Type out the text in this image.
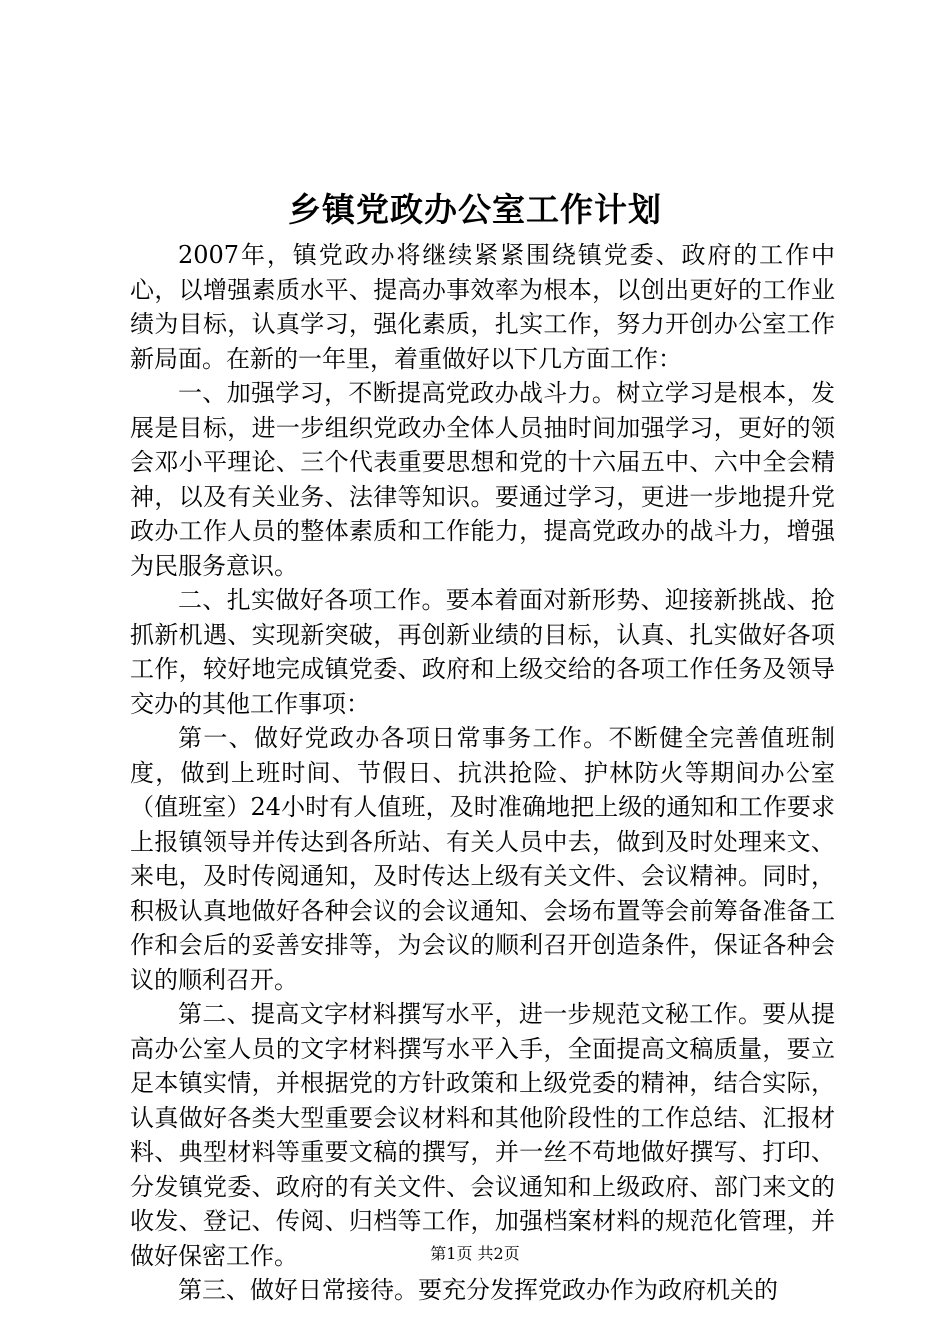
乡镇党政办公室工作计划

2007年，镇党政办将继续紧紧围绕镇党委、政府的工作中心，以增强素质水平、提高办事效率为根本，以创出更好的工作业绩为目标，认真学习，强化素质，扎实工作，努力开创办公室工作新局面。在新的一年里，着重做好以下几方面工作：

一、加强学习，不断提高党政办战斗力。树立学习是根本，发展是目标，进一步组织党政办全体人员抽时间加强学习，更好的领会邓小平理论、三个代表重要思想和党的十六届五中、六中全会精神，以及有关业务、法律等知识。要通过学习，更进一步地提升党政办工作人员的整体素质和工作能力，提高党政办的战斗力，增强为民服务意识。

二、扎实做好各项工作。要本着面对新形势、迎接新挑战、抢抓新机遇、实现新突破，再创新业绩的目标，认真、扎实做好各项工作，较好地完成镇党委、政府和上级交给的各项工作任务及领导交办的其他工作事项：

第一、做好党政办各项日常事务工作。不断健全完善值班制度，做到上班时间、节假日、抗洪抢险、护林防火等期间办公室（值班室）24小时有人值班，及时准确地把上级的通知和工作要求上报镇领导并传达到各所站、有关人员中去，做到及时处理来文、来电，及时传阅通知，及时传达上级有关文件、会议精神。同时，积极认真地做好各种会议的会议通知、会场布置等会前筹备准备工作和会后的妥善安排等，为会议的顺利召开创造条件，保证各种会议的顺利召开。

第二、提高文字材料撰写水平，进一步规范文秘工作。要从提高办公室人员的文字材料撰写水平入手，全面提高文稿质量，要立足本镇实情，并根据党的方针政策和上级党委的精神，结合实际，认真做好各类大型重要会议材料和其他阶段性的工作总结、汇报材料、典型材料等重要文稿的撰写，并一丝不苟地做好撰写、打印、分发镇党委、政府的有关文件、会议通知和上级政府、部门来文的收发、登记、传阅、归档等工作，加强档案材料的规范化管理，并做好保密工作。

第三、做好日常接待。要充分发挥党政办作为政府机关的

第1页 共2页
